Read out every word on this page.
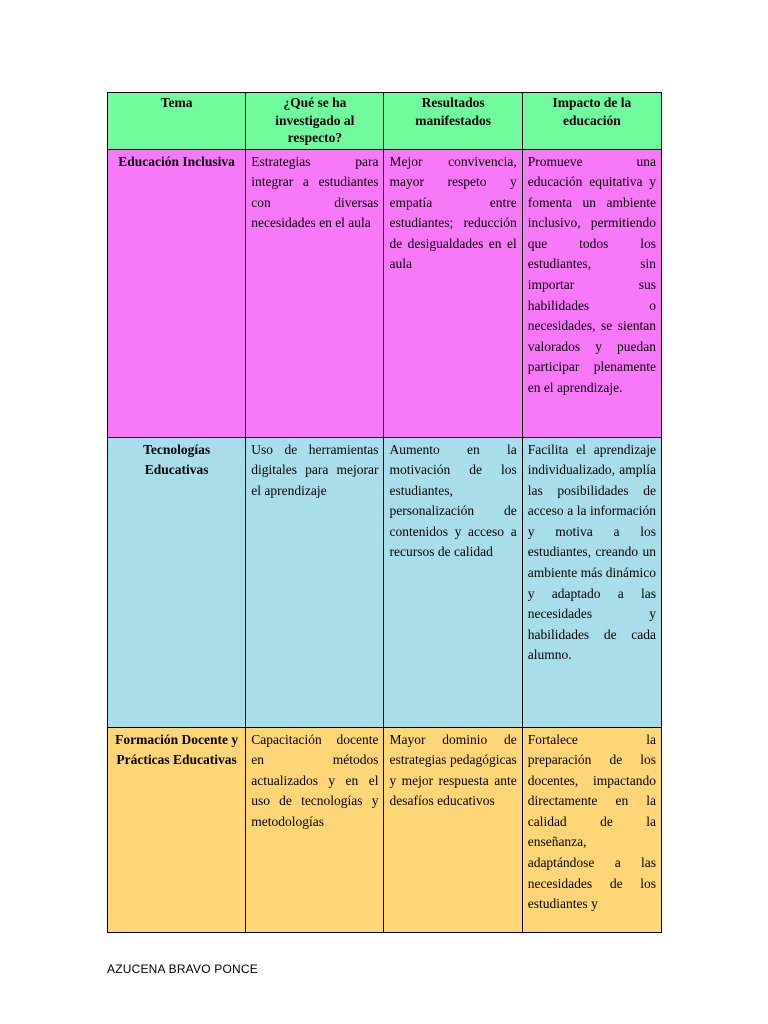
Tema	¿Qué se ha investigado al respecto?	Resultados manifestados	Impacto de la educación
Educación Inclusiva	Estrategias para integrar a estudiantes con diversas necesidades en el aula	Mejor convivencia, mayor respeto y empatía entre estudiantes; reducción de desigualdades en el aula	Promueve una educación equitativa y fomenta un ambiente inclusivo, permitiendo que todos los estudiantes, sin importar sus habilidades o necesidades, se sientan valorados y puedan participar plenamente en el aprendizaje.
Tecnologías Educativas	Uso de herramientas digitales para mejorar el aprendizaje	Aumento en la motivación de los estudiantes, personalización de contenidos y acceso a recursos de calidad	Facilita el aprendizaje individualizado, amplía las posibilidades de acceso a la información y motiva a los estudiantes, creando un ambiente más dinámico y adaptado a las necesidades y habilidades de cada alumno.
Formación Docente y Prácticas Educativas	Capacitación docente en métodos actualizados y en el uso de tecnologías y metodologías	Mayor dominio de estrategias pedagógicas y mejor respuesta ante desafíos educativos	Fortalece la preparación de los docentes, impactando directamente en la calidad de la enseñanza, adaptándose a las necesidades de los estudiantes y
AZUCENA BRAVO PONCE
